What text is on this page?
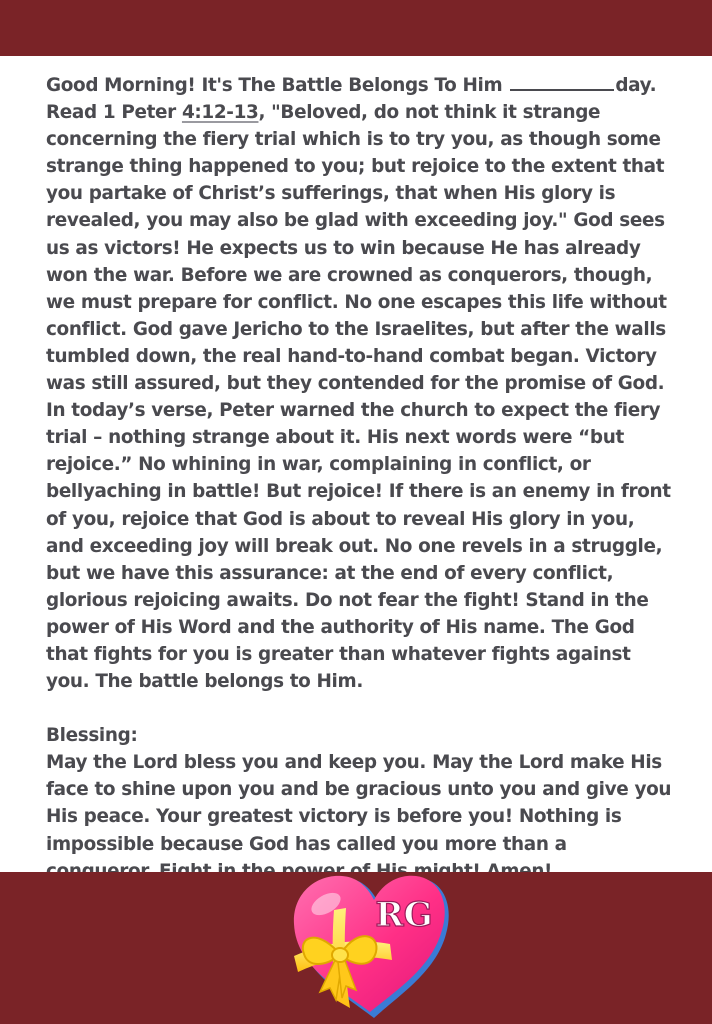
Good Morning! It's The Battle Belongs To Him	day. Read 1 Peter 4:12-13, "Beloved, do not think it strange concerning the fiery trial which is to try you, as though some strange thing happened to you; but rejoice to the extent that you partake of Christ’s sufferings, that when His glory is revealed, you may also be glad with exceeding joy." God sees us as victors! He expects us to win because He has already won the war. Before we are crowned as conquerors, though, we must prepare for conflict. No one escapes this life without conflict. God gave Jericho to the Israelites, but after the walls tumbled down, the real hand-to-hand combat began. Victory was still assured, but they contended for the promise of God. In today’s verse, Peter warned the church to expect the fiery trial – nothing strange about it. His next words were “but rejoice.” No whining in war, complaining in conflict, or bellyaching in battle! But rejoice! If there is an enemy in front of you, rejoice that God is about to reveal His glory in you, and exceeding joy will break out. No one revels in a struggle, but we have this assurance: at the end of every conflict, glorious rejoicing awaits. Do not fear the fight! Stand in the power of His Word and the authority of His name. The God that fights for you is greater than whatever fights against you. The battle belongs to Him.

Blessing:

May the Lord bless you and keep you. May the Lord make His face to shine upon you and be gracious unto you and give you His peace. Your greatest victory is before you! Nothing is impossible because God has called you more than a

RG
